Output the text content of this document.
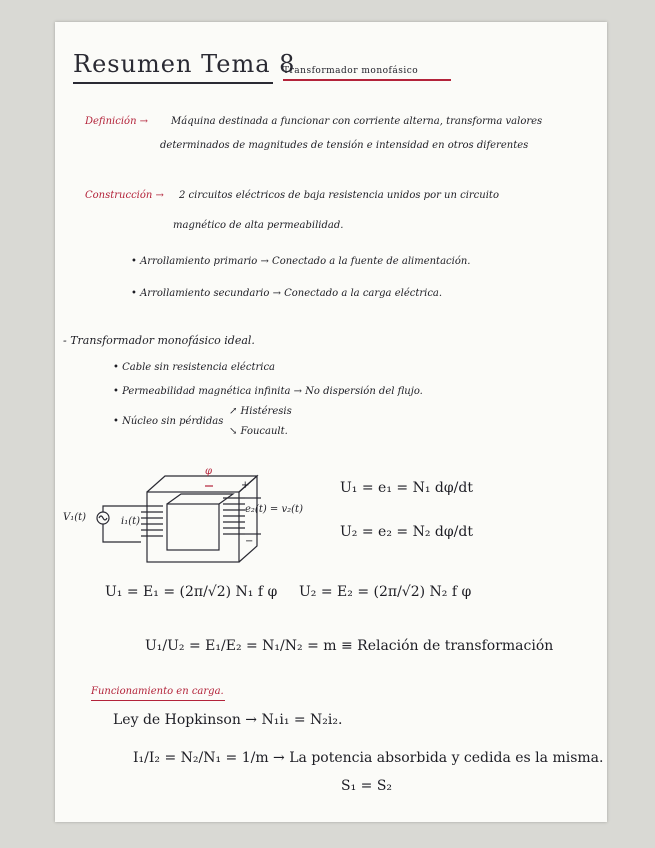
Resumen Tema 8
Transformador monofásico
Definición → Máquina destinada a funcionar con corriente alterna, transforma valores
determinados de magnitudes de tensión e intensidad en otros diferentes
Construcción → 2 circuitos eléctricos de baja resistencia unidos por un circuito
magnético de alta permeabilidad.
• Arrollamiento primario → Conectado a la fuente de alimentación.
• Arrollamiento secundario → Conectado a la carga eléctrica.
- Transformador monofásico ideal.
• Cable sin resistencia eléctrica
• Permeabilidad magnética infinita → No dispersión del flujo.
• Núcleo sin pérdidas
↗ Histéresis
↘ Foucault.
φ
V₁(t)	i₁(t)
+
e₂(t) = v₂(t)
−
U₁ = e₁ = N₁ dφ/dt
U₂ = e₂ = N₂ dφ/dt
U₁ = E₁ = (2π/√2) N₁ f φ U₂ = E₂ = (2π/√2) N₂ f φ
U₁/U₂ = E₁/E₂ = N₁/N₂ = m ≡ Relación de transformación
Funcionamiento en carga.
Ley de Hopkinson → N₁i₁ = N₂i₂.
I₁/I₂ = N₂/N₁ = 1/m → La potencia absorbida y cedida es la misma.
S₁ = S₂
